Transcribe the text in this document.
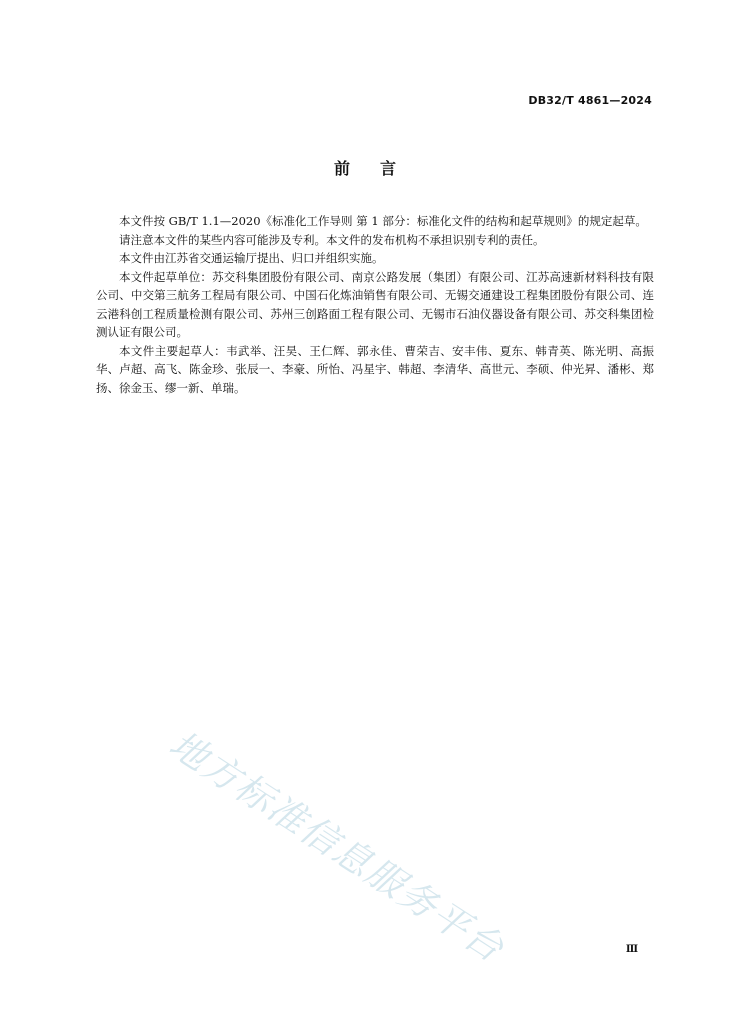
DB32/T 4861—2024
前言

本文件按 GB/T 1.1—2020《标准化工作导则 第 1 部分：标准化文件的结构和起草规则》的规定起草。

请注意本文件的某些内容可能涉及专利。本文件的发布机构不承担识别专利的责任。

本文件由江苏省交通运输厅提出、归口并组织实施。

本文件起草单位：苏交科集团股份有限公司、南京公路发展（集团）有限公司、江苏高速新材料科技有限公司、中交第三航务工程局有限公司、中国石化炼油销售有限公司、无锡交通建设工程集团股份有限公司、连云港科创工程质量检测有限公司、苏州三创路面工程有限公司、无锡市石油仪器设备有限公司、苏交科集团检测认证有限公司。

本文件主要起草人：韦武举、汪昊、王仁辉、郭永佳、曹荣吉、安丰伟、夏东、韩青英、陈光明、高振华、卢超、高飞、陈金珍、张辰一、李豪、所怡、冯星宇、韩超、李清华、高世元、李硕、仲光昇、潘彬、郑扬、徐金玉、缪一新、单瑞。

地方标准信息服务平台	Ⅲ
